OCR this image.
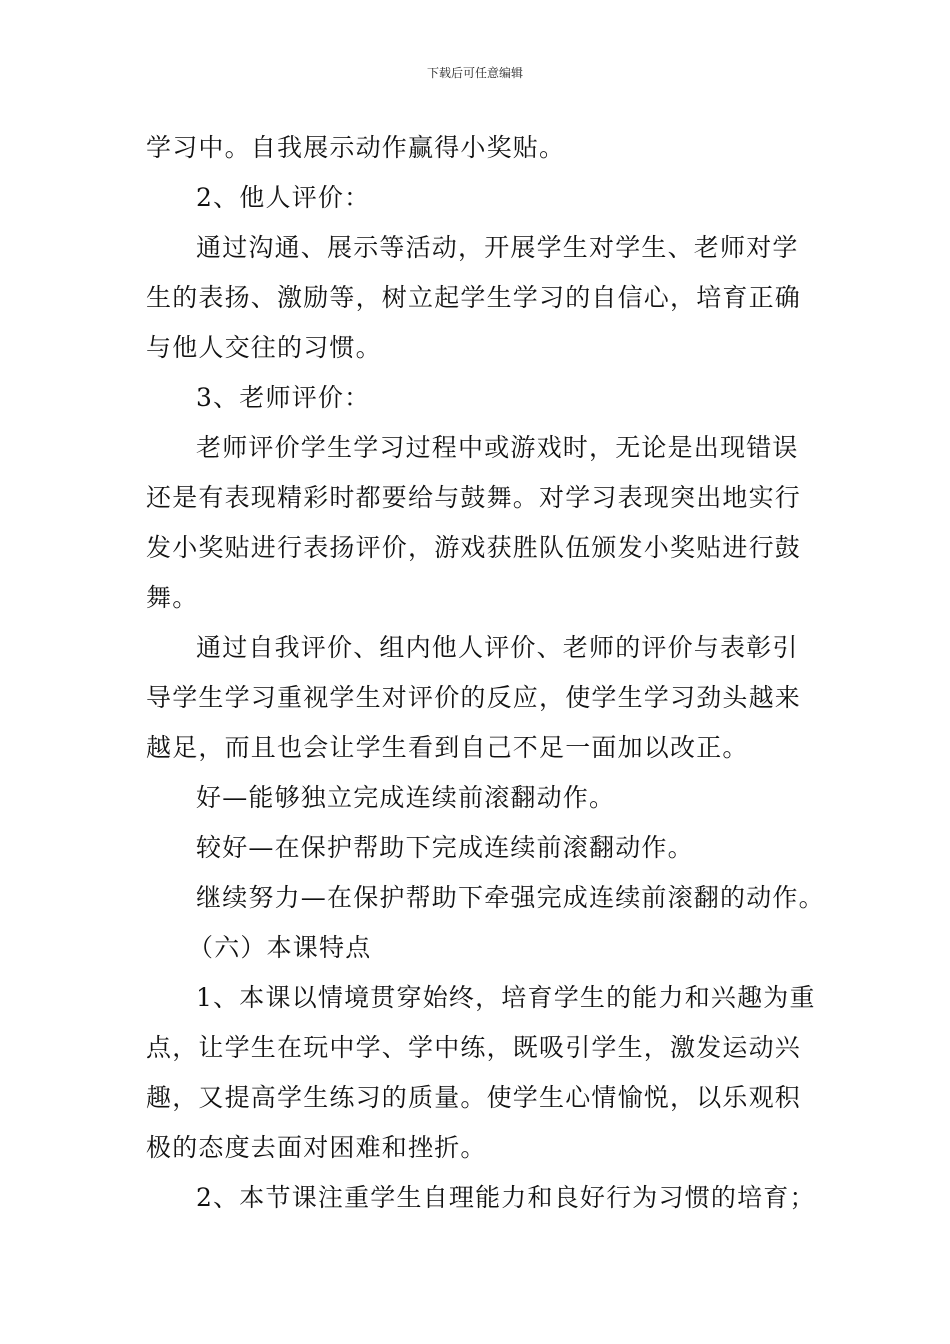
下载后可任意编辑
学习中。自我展示动作赢得小奖贴。
2、他人评价：
通过沟通、展示等活动，开展学生对学生、老师对学
生的表扬、激励等，树立起学生学习的自信心，培育正确
与他人交往的习惯。
3、老师评价：
老师评价学生学习过程中或游戏时，无论是出现错误
还是有表现精彩时都要给与鼓舞。对学习表现突出地实行
发小奖贴进行表扬评价，游戏获胜队伍颁发小奖贴进行鼓
舞。
通过自我评价、组内他人评价、老师的评价与表彰引
导学生学习重视学生对评价的反应，使学生学习劲头越来
越足，而且也会让学生看到自己不足一面加以改正。
好—能够独立完成连续前滚翻动作。
较好—在保护帮助下完成连续前滚翻动作。
继续努力—在保护帮助下牵强完成连续前滚翻的动作。
（六）本课特点
1、本课以情境贯穿始终，培育学生的能力和兴趣为重
点，让学生在玩中学、学中练，既吸引学生，激发运动兴
趣，又提高学生练习的质量。使学生心情愉悦，以乐观积
极的态度去面对困难和挫折。
2、本节课注重学生自理能力和良好行为习惯的培育；
